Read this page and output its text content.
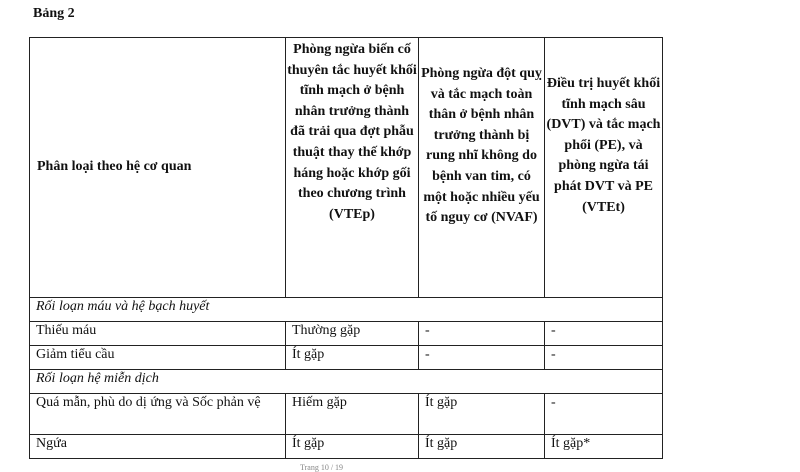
Bảng 2
Phân loại theo hệ cơ quan	Phòng ngừa biến cố thuyên tắc huyết khối tĩnh mạch ở bệnh nhân trưởng thành đã trải qua đợt phẫu thuật thay thế khớp háng hoặc khớp gối theo chương trình (VTEp)	Phòng ngừa đột quỵ và tắc mạch toàn thân ở bệnh nhân trưởng thành bị rung nhĩ không do bệnh van tim, có một hoặc nhiều yếu tố nguy cơ (NVAF)	Điều trị huyết khối tĩnh mạch sâu (DVT) và tắc mạch phổi (PE), và phòng ngừa tái phát DVT và PE (VTEt)
Rối loạn máu và hệ bạch huyết			
Thiếu máu	Thường gặp	-	-
Giảm tiểu cầu	Ít gặp	-	-
Rối loạn hệ miễn dịch			
Quá mẫn, phù do dị ứng và Sốc phản vệ	Hiếm gặp	Ít gặp	-
Ngứa	Ít gặp	Ít gặp	Ít gặp*
Trang 10 / 19
